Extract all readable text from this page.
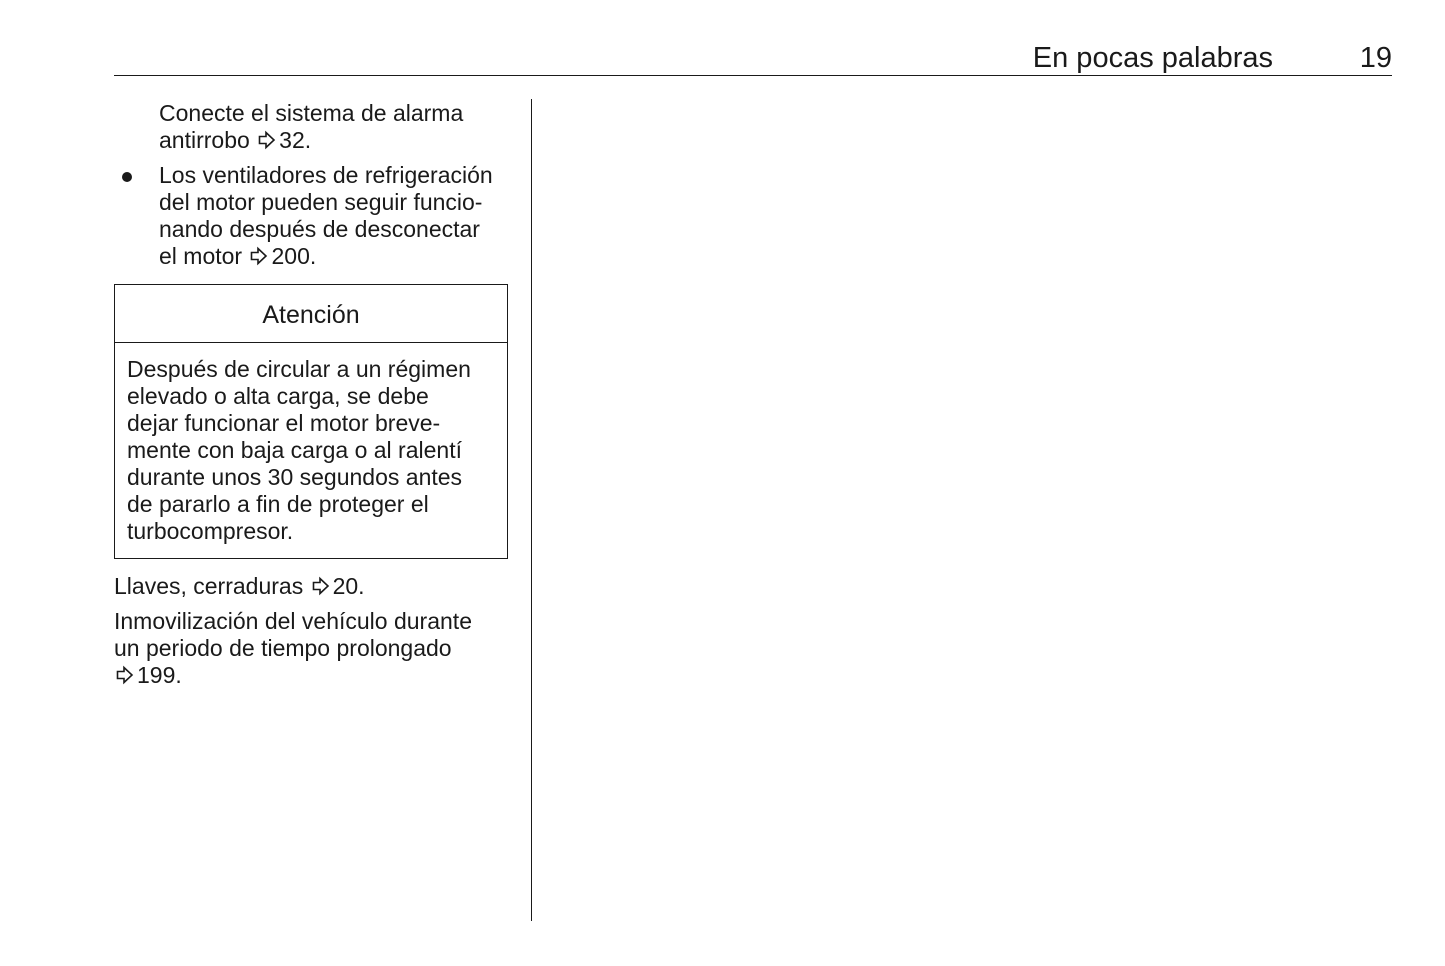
En pocas palabras	19
Conecte el sistema de alarma
antirrobo 32.
Los ventiladores de refrigeración
del motor pueden seguir funcio-
nando después de desconectar
el motor 200.
Atención
Después de circular a un régimen
elevado o alta carga, se debe
dejar funcionar el motor breve-
mente con baja carga o al ralentí
durante unos 30 segundos antes
de pararlo a fin de proteger el
turbocompresor.
Llaves, cerraduras 20.
Inmovilización del vehículo durante
un periodo de tiempo prolongado
199.
